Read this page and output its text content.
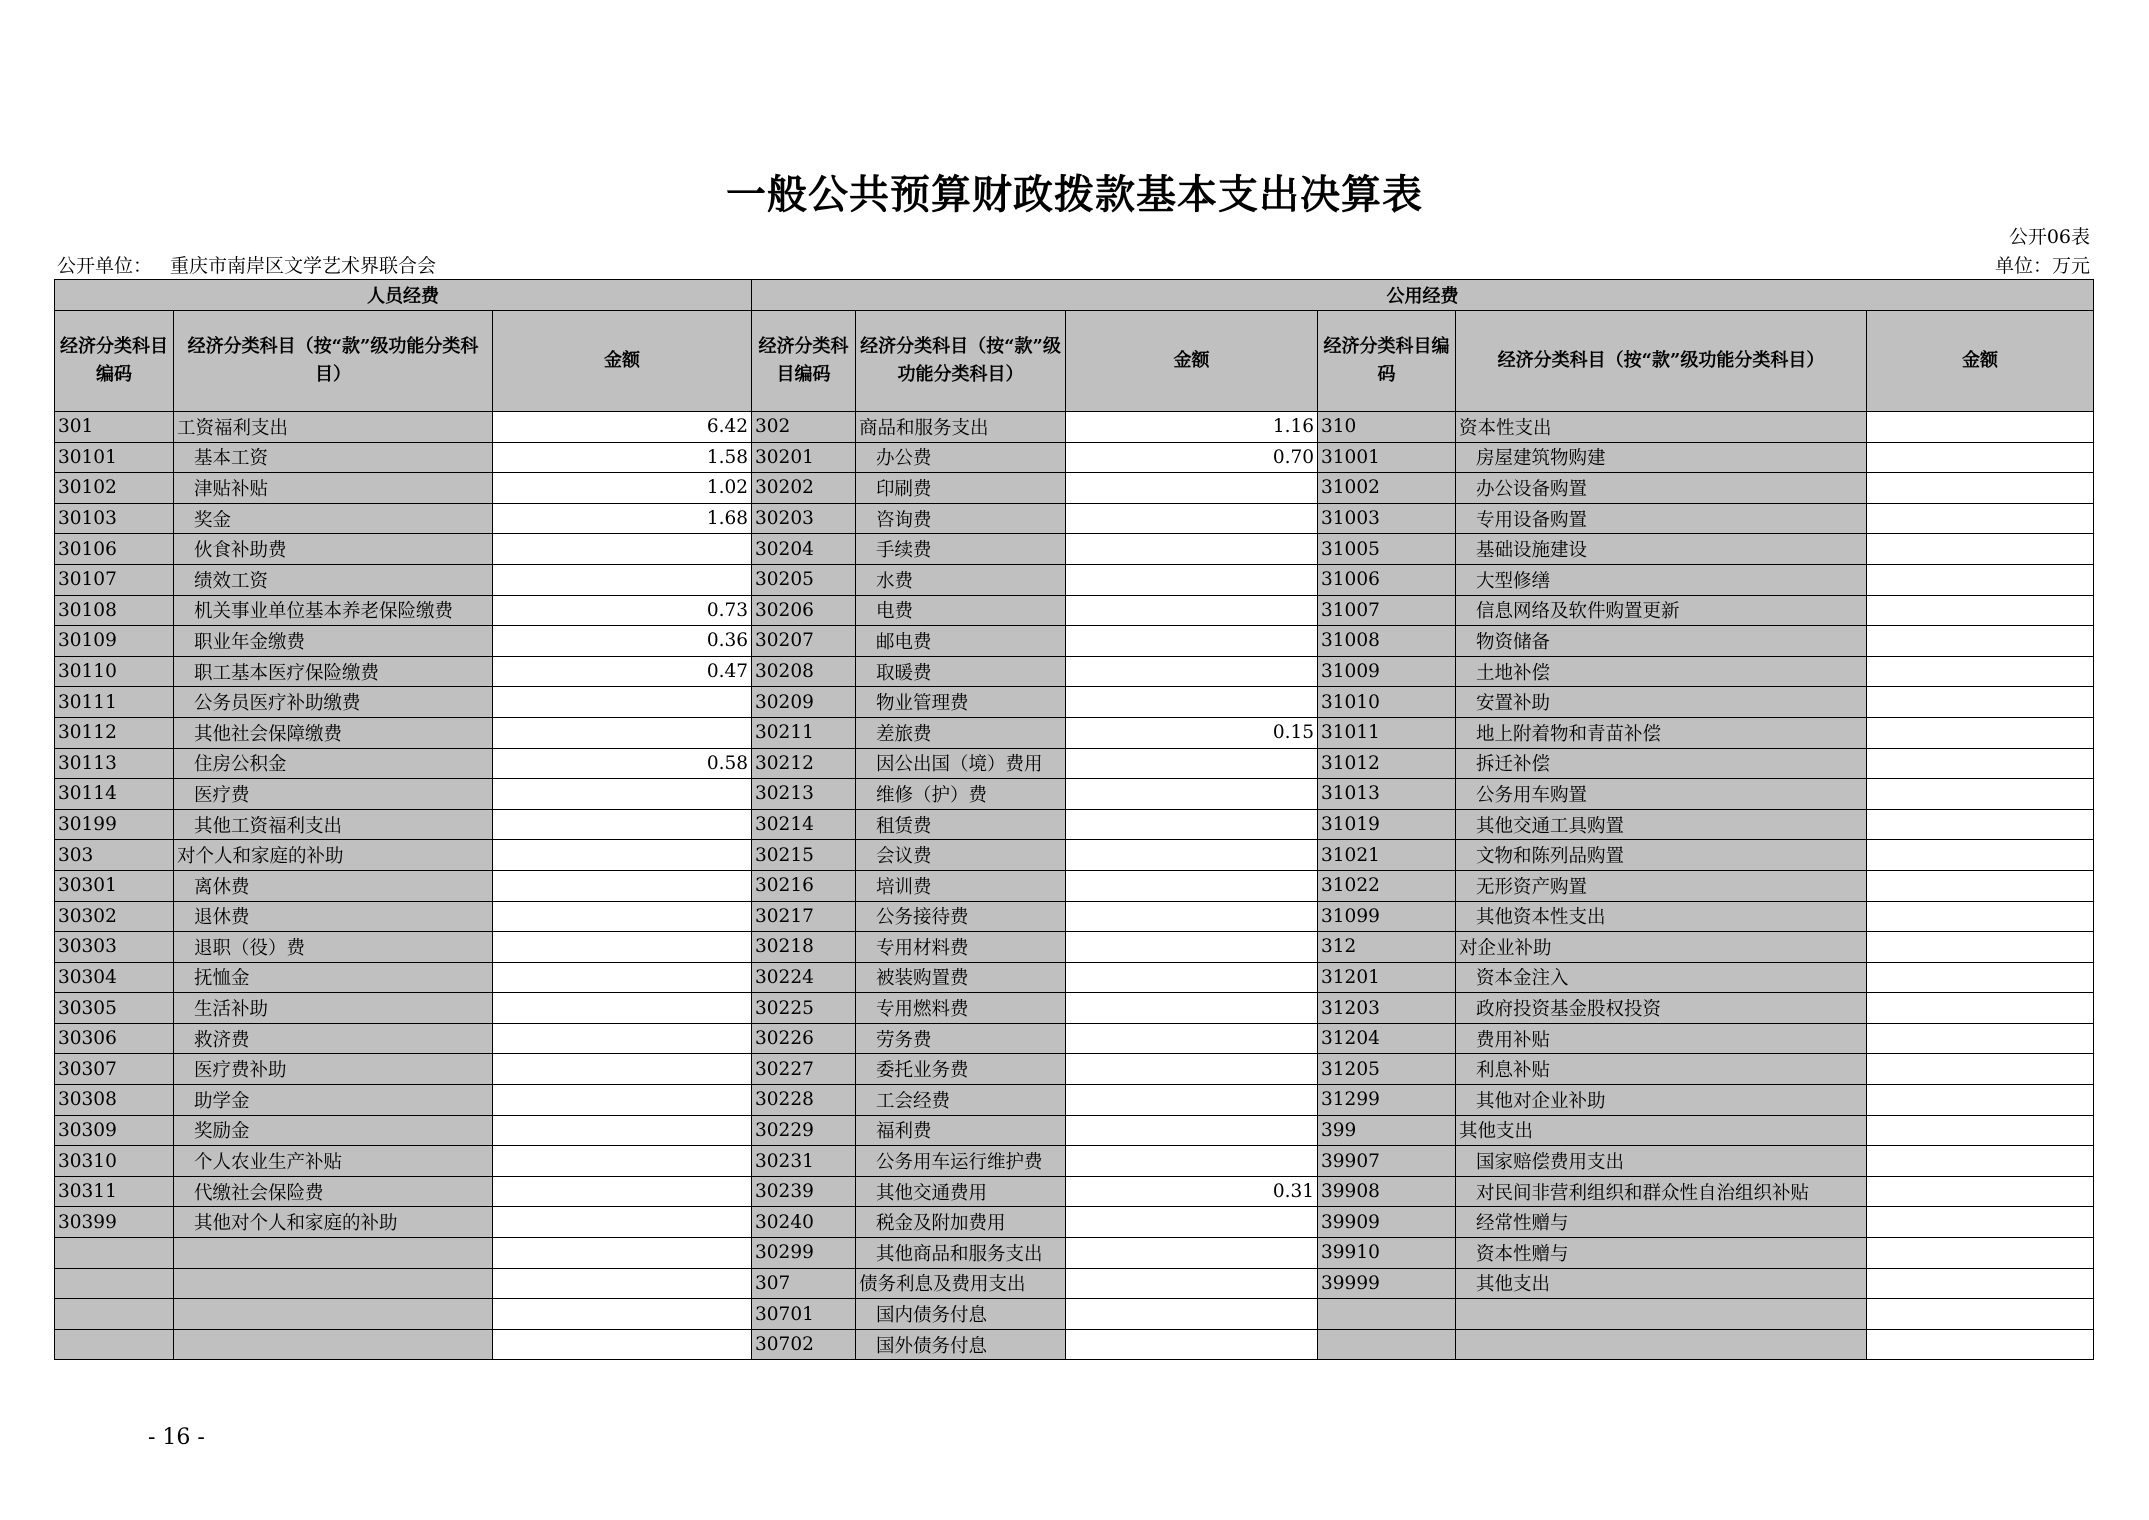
一般公共预算财政拨款基本支出决算表
公开06表
公开单位： 重庆市南岸区文学艺术界联合会	单位：万元
人员经费			公用经费					
经济分类科目编码	经济分类科目（按“款”级功能分类科目）	金额	经济分类科目编码	经济分类科目（按“款”级功能分类科目）	金额	经济分类科目编码	经济分类科目（按“款”级功能分类科目）	金额
301	工资福利支出	6.42	302	商品和服务支出	1.16	310	资本性支出	
30101	基本工资	1.58	30201	办公费	0.70	31001	房屋建筑物购建	
30102	津贴补贴	1.02	30202	印刷费		31002	办公设备购置	
30103	奖金	1.68	30203	咨询费		31003	专用设备购置	
30106	伙食补助费		30204	手续费		31005	基础设施建设	
30107	绩效工资		30205	水费		31006	大型修缮	
30108	机关事业单位基本养老保险缴费	0.73	30206	电费		31007	信息网络及软件购置更新	
30109	职业年金缴费	0.36	30207	邮电费		31008	物资储备	
30110	职工基本医疗保险缴费	0.47	30208	取暖费		31009	土地补偿	
30111	公务员医疗补助缴费		30209	物业管理费		31010	安置补助	
30112	其他社会保障缴费		30211	差旅费	0.15	31011	地上附着物和青苗补偿	
30113	住房公积金	0.58	30212	因公出国（境）费用		31012	拆迁补偿	
30114	医疗费		30213	维修（护）费		31013	公务用车购置	
30199	其他工资福利支出		30214	租赁费		31019	其他交通工具购置	
303	对个人和家庭的补助		30215	会议费		31021	文物和陈列品购置	
30301	离休费		30216	培训费		31022	无形资产购置	
30302	退休费		30217	公务接待费		31099	其他资本性支出	
30303	退职（役）费		30218	专用材料费		312	对企业补助	
30304	抚恤金		30224	被装购置费		31201	资本金注入	
30305	生活补助		30225	专用燃料费		31203	政府投资基金股权投资	
30306	救济费		30226	劳务费		31204	费用补贴	
30307	医疗费补助		30227	委托业务费		31205	利息补贴	
30308	助学金		30228	工会经费		31299	其他对企业补助	
30309	奖励金		30229	福利费		399	其他支出	
30310	个人农业生产补贴		30231	公务用车运行维护费		39907	国家赔偿费用支出	
30311	代缴社会保险费		30239	其他交通费用	0.31	39908	对民间非营利组织和群众性自治组织补贴	
30399	其他对个人和家庭的补助		30240	税金及附加费用		39909	经常性赠与	
			30299	其他商品和服务支出		39910	资本性赠与	
			307	债务利息及费用支出		39999	其他支出	
			30701	国内债务付息				
			30702	国外债务付息				
- 16 -
